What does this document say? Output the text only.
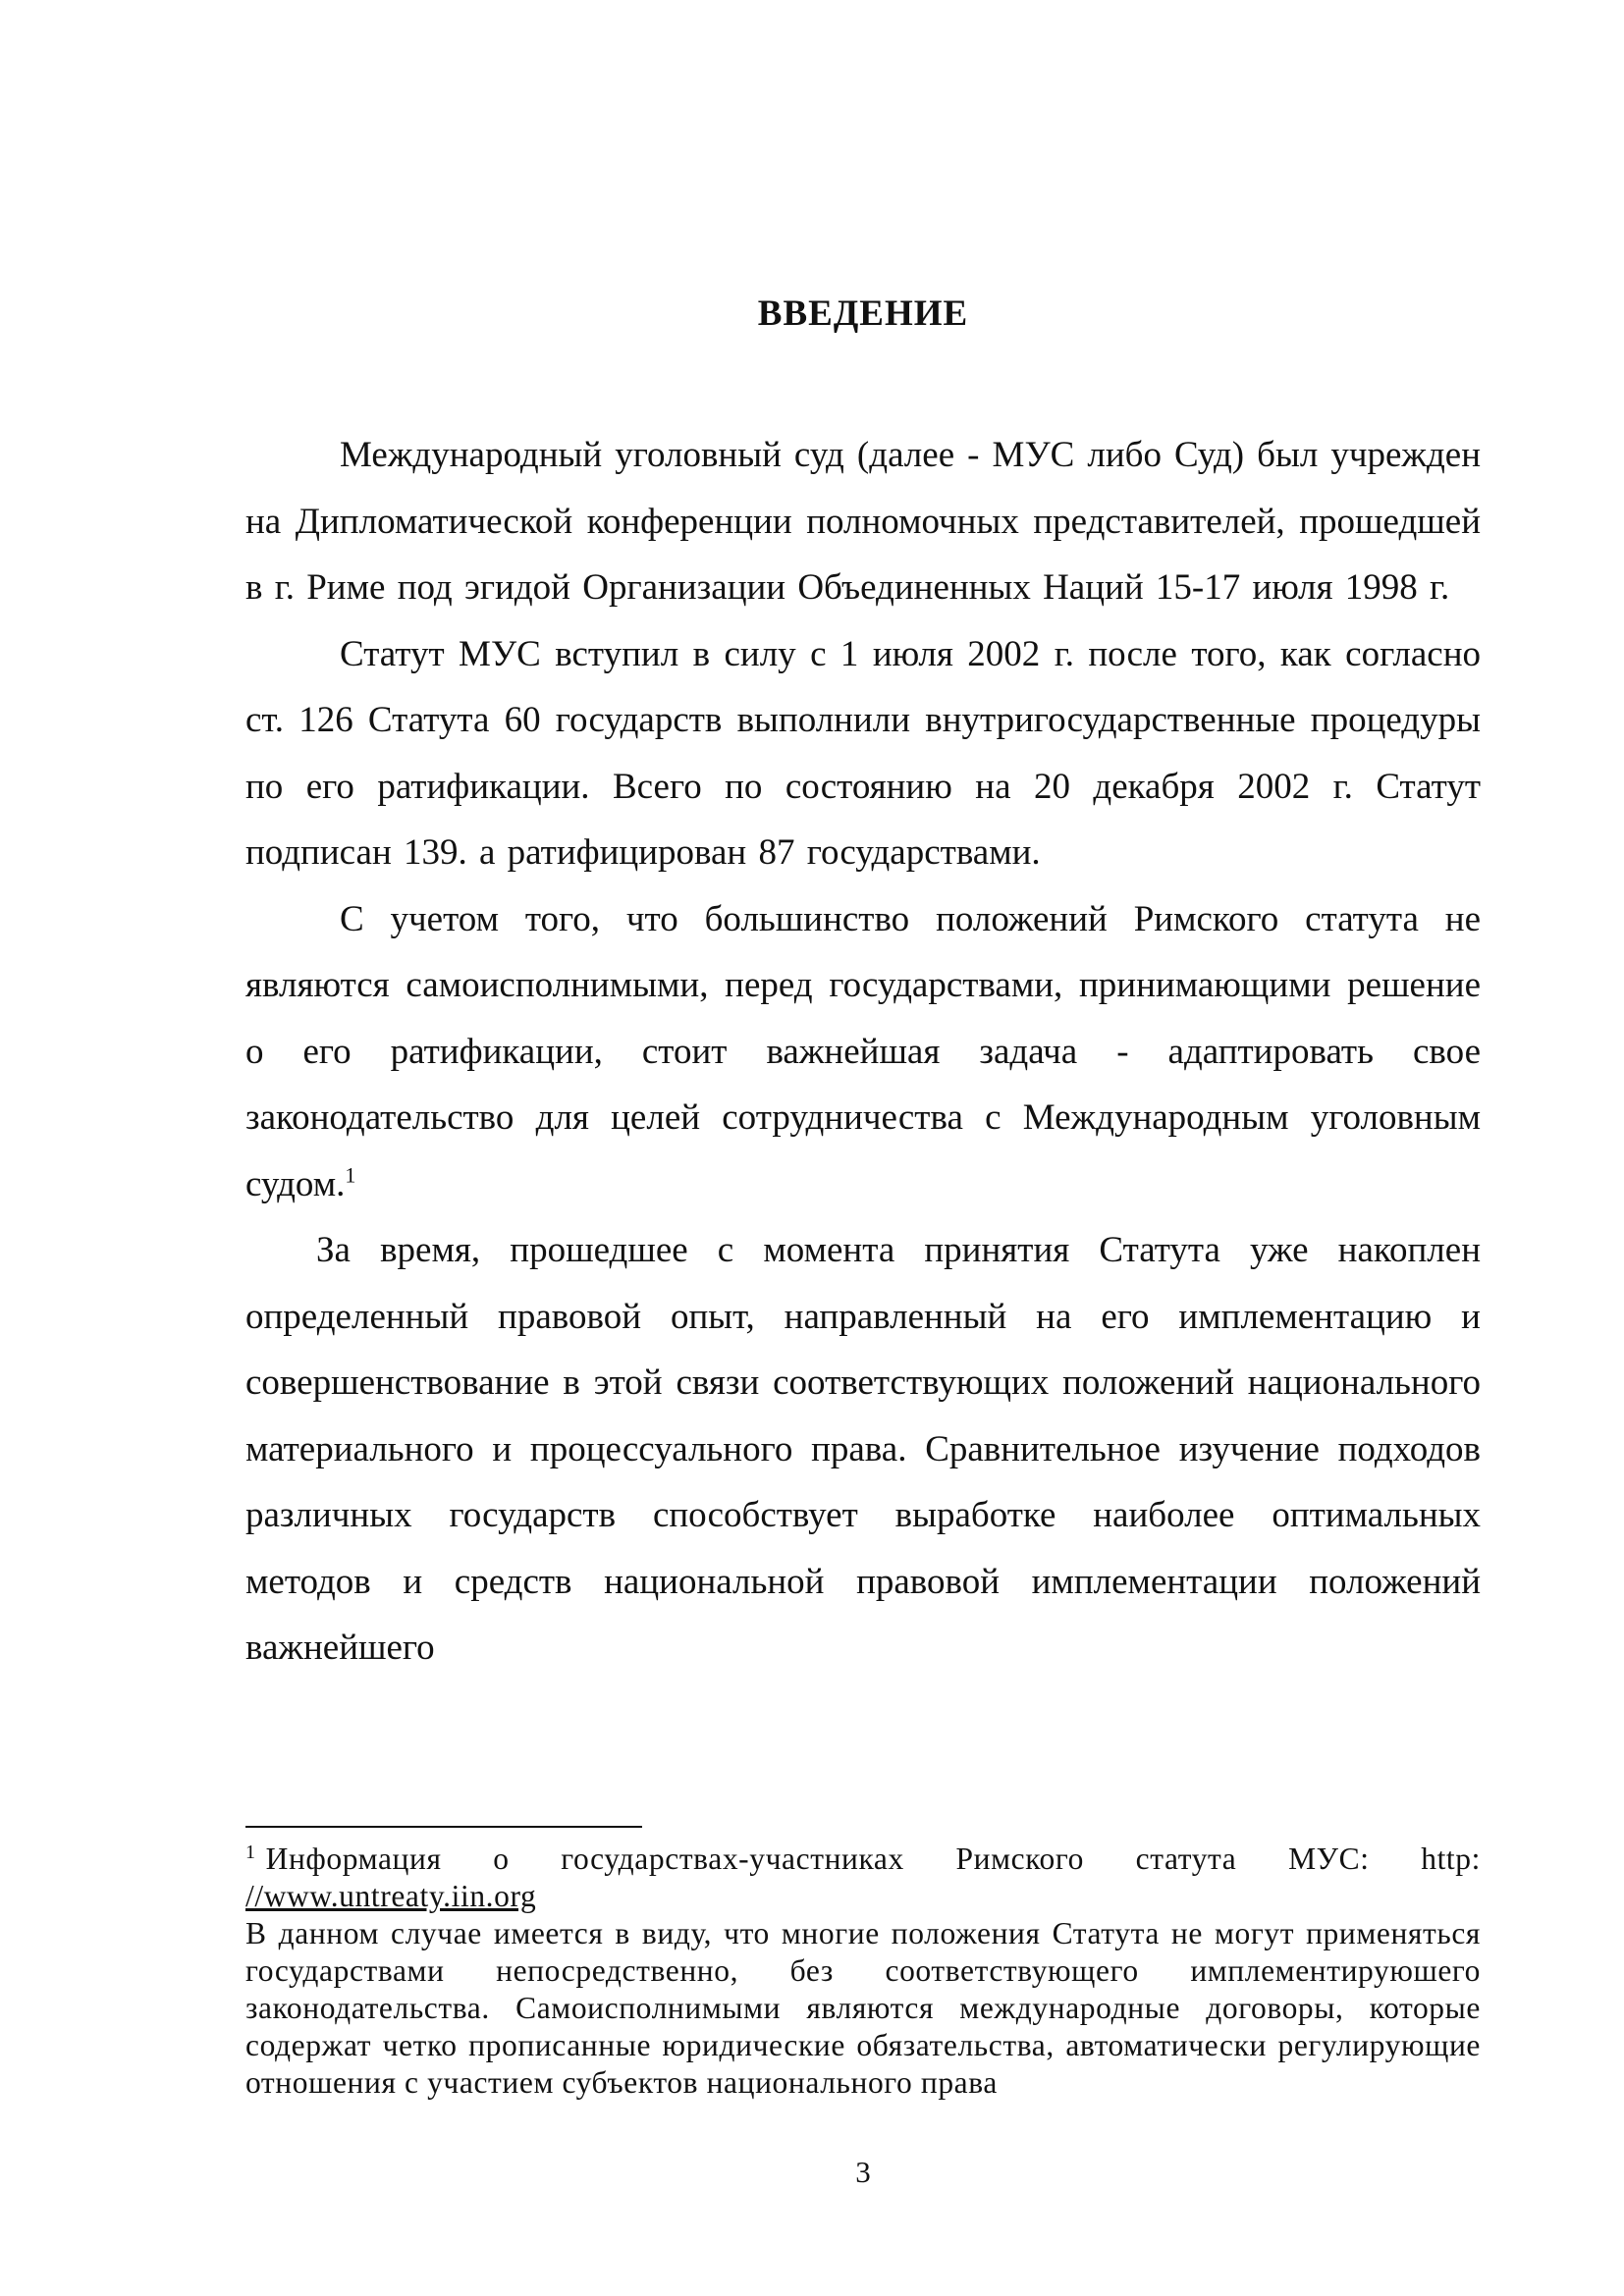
ВВЕДЕНИЕ

Международный уголовный суд (далее - МУС либо Суд) был учрежден на Дипломатической конференции полномочных представителей, прошедшей в г. Риме под эгидой Организации Объединенных Наций 15-17 июля 1998 г.

Статут МУС вступил в силу с 1 июля 2002 г. после того, как согласно ст. 126 Статута 60 государств выполнили внутригосударственные процедуры по его ратификации. Всего по состоянию на 20 декабря 2002 г. Статут подписан 139. а ратифицирован 87 государствами.

С учетом того, что большинство положений Римского статута не являются самоисполнимыми, перед государствами, принимающими решение о его ратификации, стоит важнейшая задача - адаптировать свое законодательство для целей сотрудничества с Международным уголовным судом.$^1$

За время, прошедшее с момента принятия Статута уже накоплен определенный правовой опыт, направленный на его имплементацию и совершенствование в этой связи соответствующих положений национального материального и процессуального права. Сравнительное изучение подходов различных государств способствует выработке наиболее оптимальных методов и средств национальной правовой имплементации положений важнейшего

$^1$ Информация о государствах-участниках Римского статута МУС: http: //www.untreaty.iin.org

В данном случае имеется в виду, что многие положения Статута не могут применяться государствами непосредственно, без соответствующего имплементируюшего законодательства. Самоисполнимыми являются международные договоры, которые содержат четко прописанные юридические обязательства, автоматически регулирующие отношения с участием субъектов национального права

3
